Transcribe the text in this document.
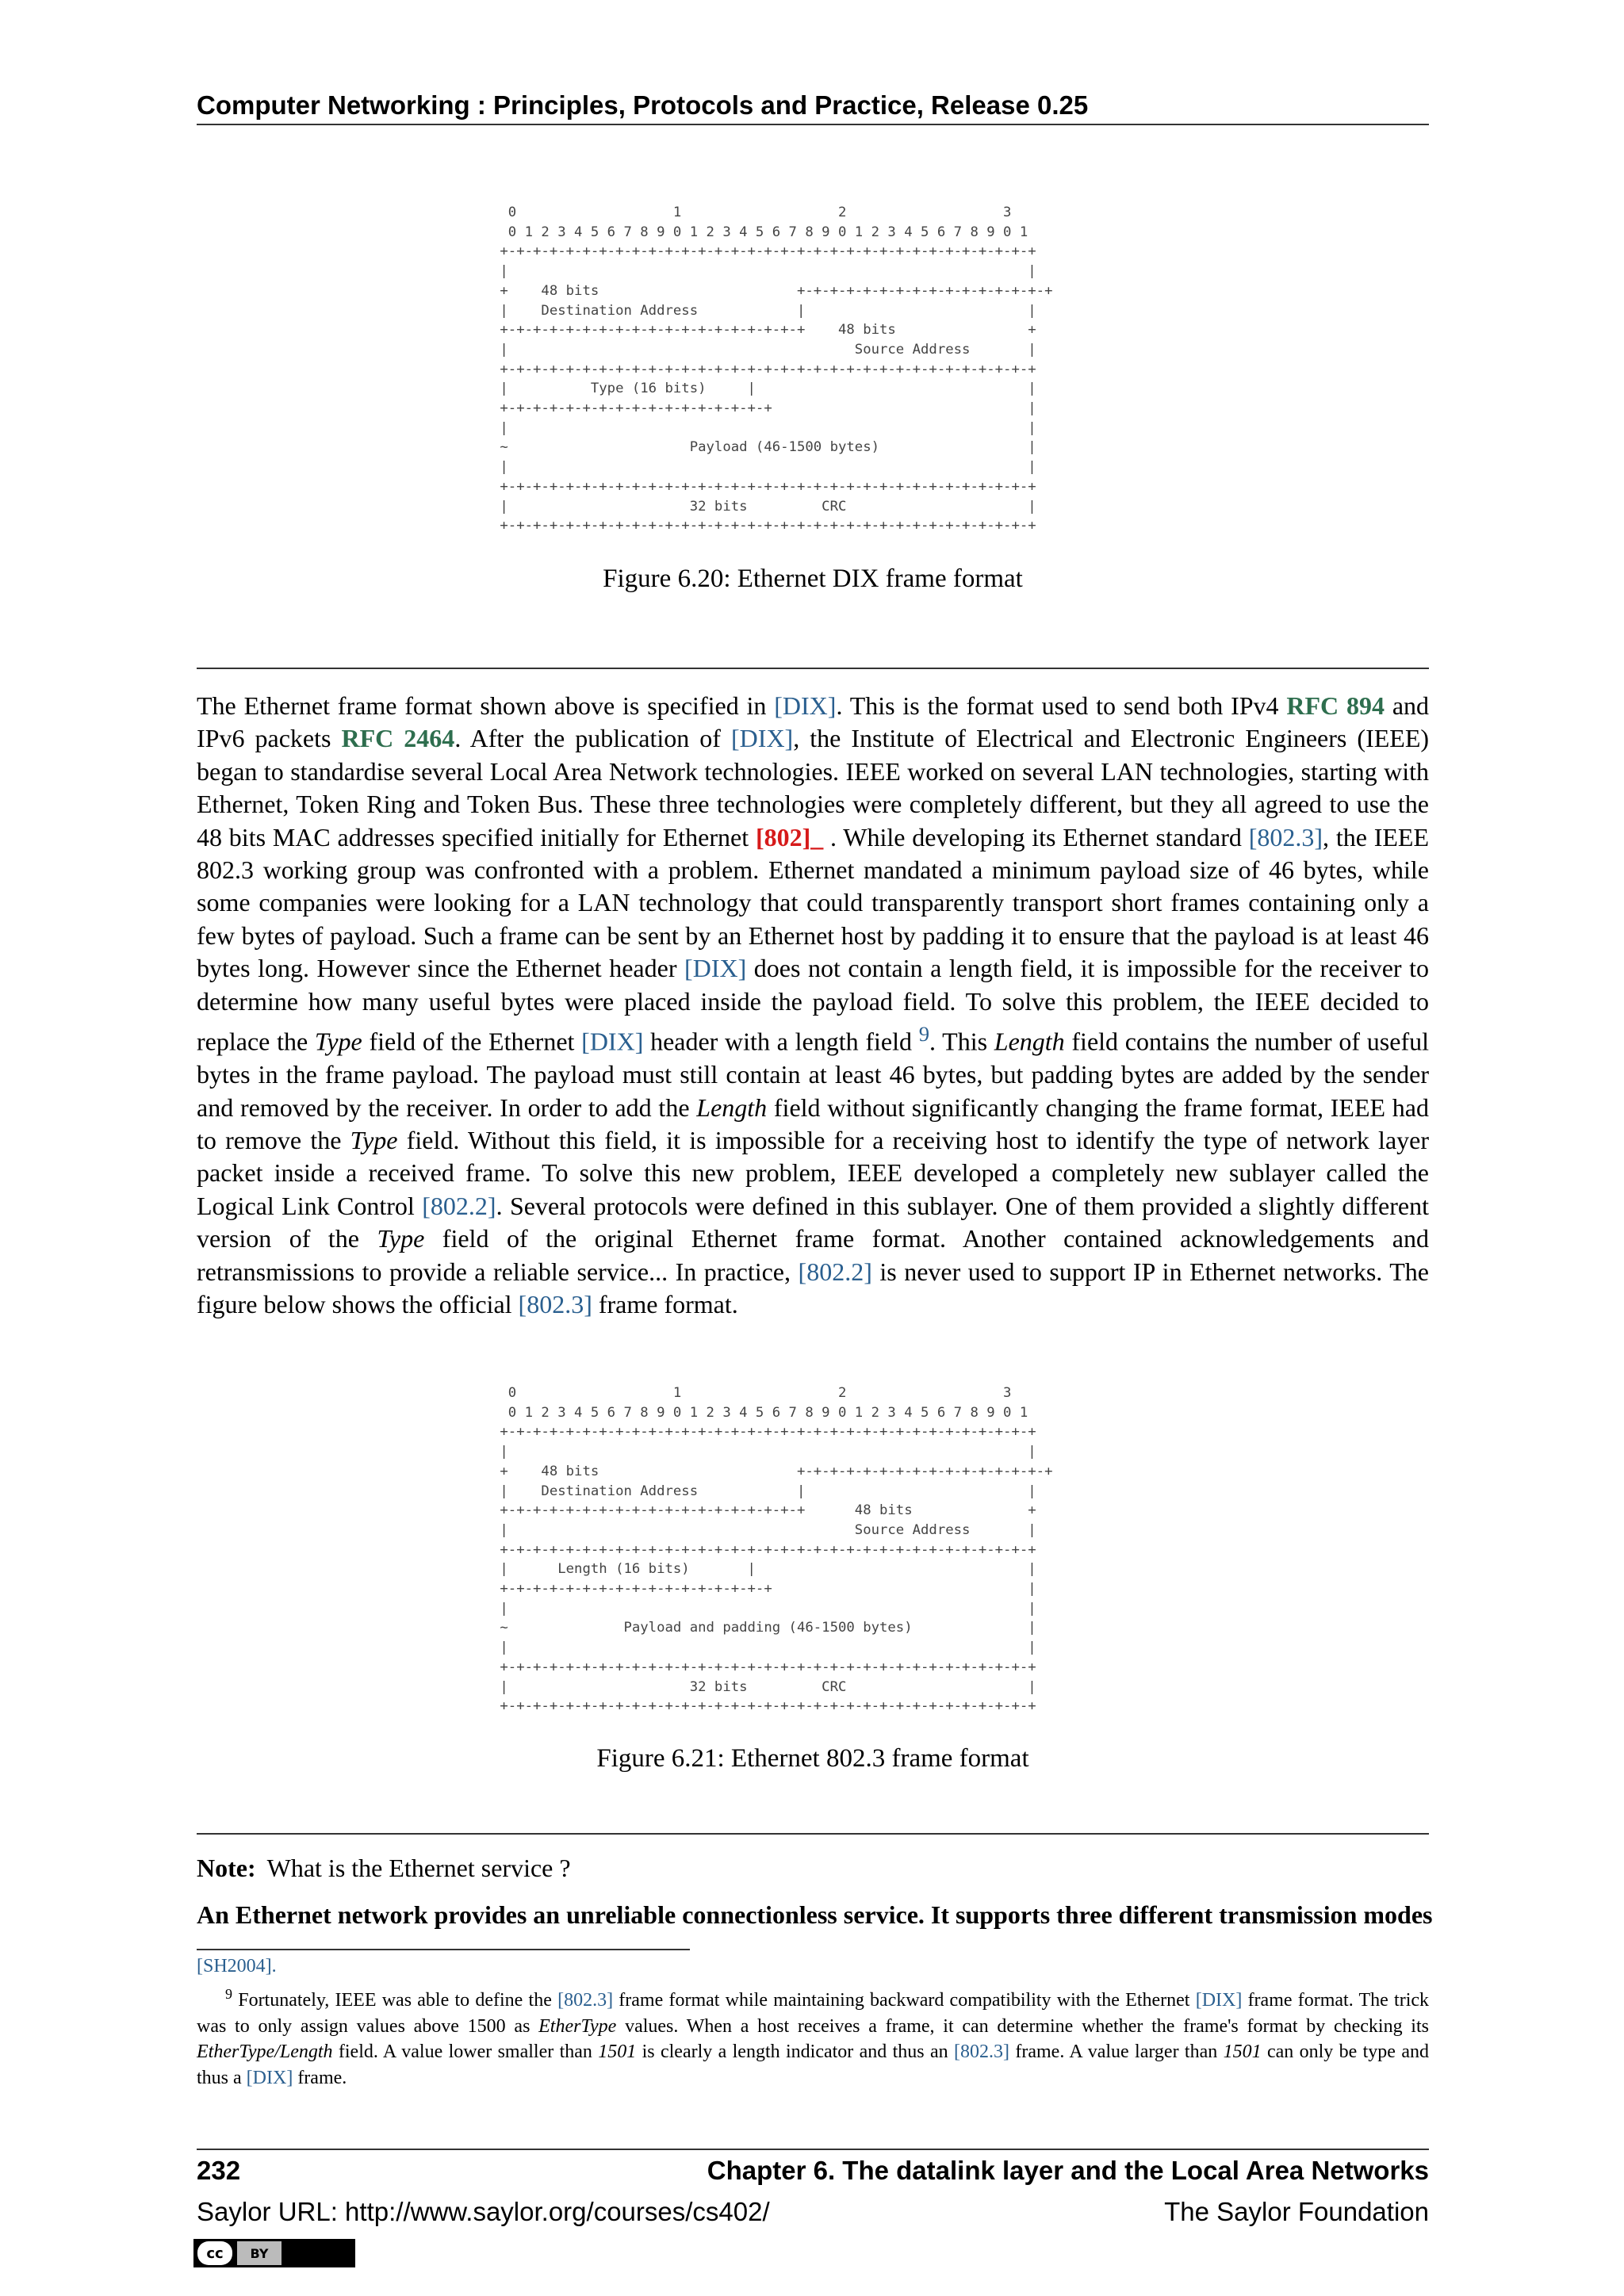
Computer Networking : Principles, Protocols and Practice, Release 0.25
0                   1                   2                   3
0 1 2 3 4 5 6 7 8 9 0 1 2 3 4 5 6 7 8 9 0 1 2 3 4 5 6 7 8 9 0 1
+-+-+-+-+-+-+-+-+-+-+-+-+-+-+-+-+-+-+-+-+-+-+-+-+-+-+-+-+-+-+-+-+
|                                                               |
+    48 bits                        +-+-+-+-+-+-+-+-+-+-+-+-+-+-+-+
|    Destination Address            |                           |
+-+-+-+-+-+-+-+-+-+-+-+-+-+-+-+-+-+-+    48 bits                +
|                                          Source Address       |
+-+-+-+-+-+-+-+-+-+-+-+-+-+-+-+-+-+-+-+-+-+-+-+-+-+-+-+-+-+-+-+-+
|          Type (16 bits)     |                                 |
+-+-+-+-+-+-+-+-+-+-+-+-+-+-+-+-+                               |
|                                                               |
~                      Payload (46-1500 bytes)                  |
|                                                               |
+-+-+-+-+-+-+-+-+-+-+-+-+-+-+-+-+-+-+-+-+-+-+-+-+-+-+-+-+-+-+-+-+
|                      32 bits         CRC                      |
+-+-+-+-+-+-+-+-+-+-+-+-+-+-+-+-+-+-+-+-+-+-+-+-+-+-+-+-+-+-+-+-+
Figure 6.20: Ethernet DIX frame format

The Ethernet frame format shown above is specified in [DIX]. This is the format used to send both IPv4 RFC 894 and IPv6 packets RFC 2464. After the publication of [DIX], the Institute of Electrical and Electronic Engineers (IEEE) began to standardise several Local Area Network technologies. IEEE worked on several LAN technologies, starting with Ethernet, Token Ring and Token Bus. These three technologies were completely different, but they all agreed to use the 48 bits MAC addresses specified initially for Ethernet [802]_ . While developing its Ethernet standard [802.3], the IEEE 802.3 working group was confronted with a problem. Ethernet mandated a minimum payload size of 46 bytes, while some companies were looking for a LAN technology that could transparently transport short frames containing only a few bytes of payload. Such a frame can be sent by an Ethernet host by padding it to ensure that the payload is at least 46 bytes long. However since the Ethernet header [DIX] does not contain a length field, it is impossible for the receiver to determine how many useful bytes were placed inside the payload field. To solve this problem, the IEEE decided to replace the Type field of the Ethernet [DIX] header with a length field $^9$. This Length field contains the number of useful bytes in the frame payload. The payload must still contain at least 46 bytes, but padding bytes are added by the sender and removed by the receiver. In order to add the Length field without significantly changing the frame format, IEEE had to remove the Type field. Without this field, it is impossible for a receiving host to identify the type of network layer packet inside a received frame. To solve this new problem, IEEE developed a completely new sublayer called the Logical Link Control [802.2]. Several protocols were defined in this sublayer. One of them provided a slightly different version of the Type field of the original Ethernet frame format. Another contained acknowledgements and retransmissions to provide a reliable service... In practice, [802.2] is never used to support IP in Ethernet networks. The figure below shows the official [802.3] frame format.

0                   1                   2                   3
0 1 2 3 4 5 6 7 8 9 0 1 2 3 4 5 6 7 8 9 0 1 2 3 4 5 6 7 8 9 0 1
+-+-+-+-+-+-+-+-+-+-+-+-+-+-+-+-+-+-+-+-+-+-+-+-+-+-+-+-+-+-+-+-+
|                                                               |
+    48 bits                        +-+-+-+-+-+-+-+-+-+-+-+-+-+-+-+
|    Destination Address            |                           |
+-+-+-+-+-+-+-+-+-+-+-+-+-+-+-+-+-+-+      48 bits              +
|                                          Source Address       |
+-+-+-+-+-+-+-+-+-+-+-+-+-+-+-+-+-+-+-+-+-+-+-+-+-+-+-+-+-+-+-+-+
|      Length (16 bits)       |                                 |
+-+-+-+-+-+-+-+-+-+-+-+-+-+-+-+-+                               |
|                                                               |
~              Payload and padding (46-1500 bytes)              |
|                                                               |
+-+-+-+-+-+-+-+-+-+-+-+-+-+-+-+-+-+-+-+-+-+-+-+-+-+-+-+-+-+-+-+-+
|                      32 bits         CRC                      |
+-+-+-+-+-+-+-+-+-+-+-+-+-+-+-+-+-+-+-+-+-+-+-+-+-+-+-+-+-+-+-+-+
Figure 6.21: Ethernet 802.3 frame format
Note: What is the Ethernet service ?
An Ethernet network provides an unreliable connectionless service. It supports three different transmission modes
[SH2004].

$^9$ Fortunately, IEEE was able to define the [802.3] frame format while maintaining backward compatibility with the Ethernet [DIX] frame format. The trick was to only assign values above 1500 as EtherType values. When a host receives a frame, it can determine whether the frame's format by checking its EtherType/Length field. A value lower smaller than 1501 is clearly a length indicator and thus an [802.3] frame. A value larger than 1501 can only be type and thus a [DIX] frame.

232	Chapter 6. The datalink layer and the Local Area Networks
Saylor URL: http://www.saylor.org/courses/cs402/	The Saylor Foundation
cc	BY
